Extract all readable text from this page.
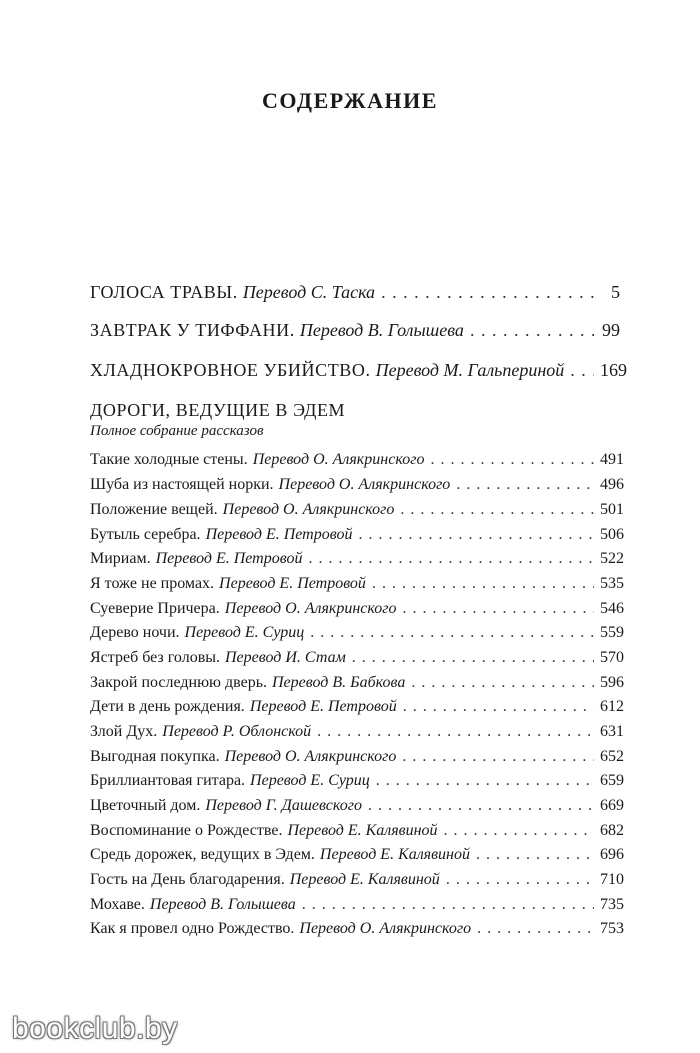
СОДЕРЖАНИЕ
ГОЛОСА ТРАВЫ. Перевод С. Таска . . .	5
ЗАВТРАК У ТИФФАНИ. Перевод В. Голышева . . .	99
ХЛАДНОКРОВНОЕ УБИЙСТВО. Перевод М. Гальпериной . . . 169
ДОРОГИ, ВЕДУЩИЕ В ЭДЕМ
Полное собрание рассказов
Такие холодные стены. Перевод О. Алякринского . . .	491
Шуба из настоящей норки. Перевод О. Алякринского . . .	496
Положение вещей. Перевод О. Алякринского . . .	501
Бутыль серебра. Перевод Е. Петровой . . .	506
Мириам. Перевод Е. Петровой . . .	522
Я тоже не промах. Перевод Е. Петровой . . .	535
Суеверие Причера. Перевод О. Алякринского . . .	546
Дерево ночи. Перевод Е. Суриц . . .	559
Ястреб без головы. Перевод И. Стам . . .	570
Закрой последнюю дверь. Перевод В. Бабкова . . .	596
Дети в день рождения. Перевод Е. Петровой . . .	612
Злой Дух. Перевод Р. Облонской . . .	631
Выгодная покупка. Перевод О. Алякринского . . .	652
Бриллиантовая гитара. Перевод Е. Суриц . . .	659
Цветочный дом. Перевод Г. Дашевского . . .	669
Воспоминание о Рождестве. Перевод Е. Калявиной . . .	682
Средь дорожек, ведущих в Эдем. Перевод Е. Калявиной . . .	696
Гость на День благодарения. Перевод Е. Калявиной . . .	710
Мохаве. Перевод В. Голышева . . .	735
Как я провел одно Рождество. Перевод О. Алякринского . . .	753
bookclub.by
